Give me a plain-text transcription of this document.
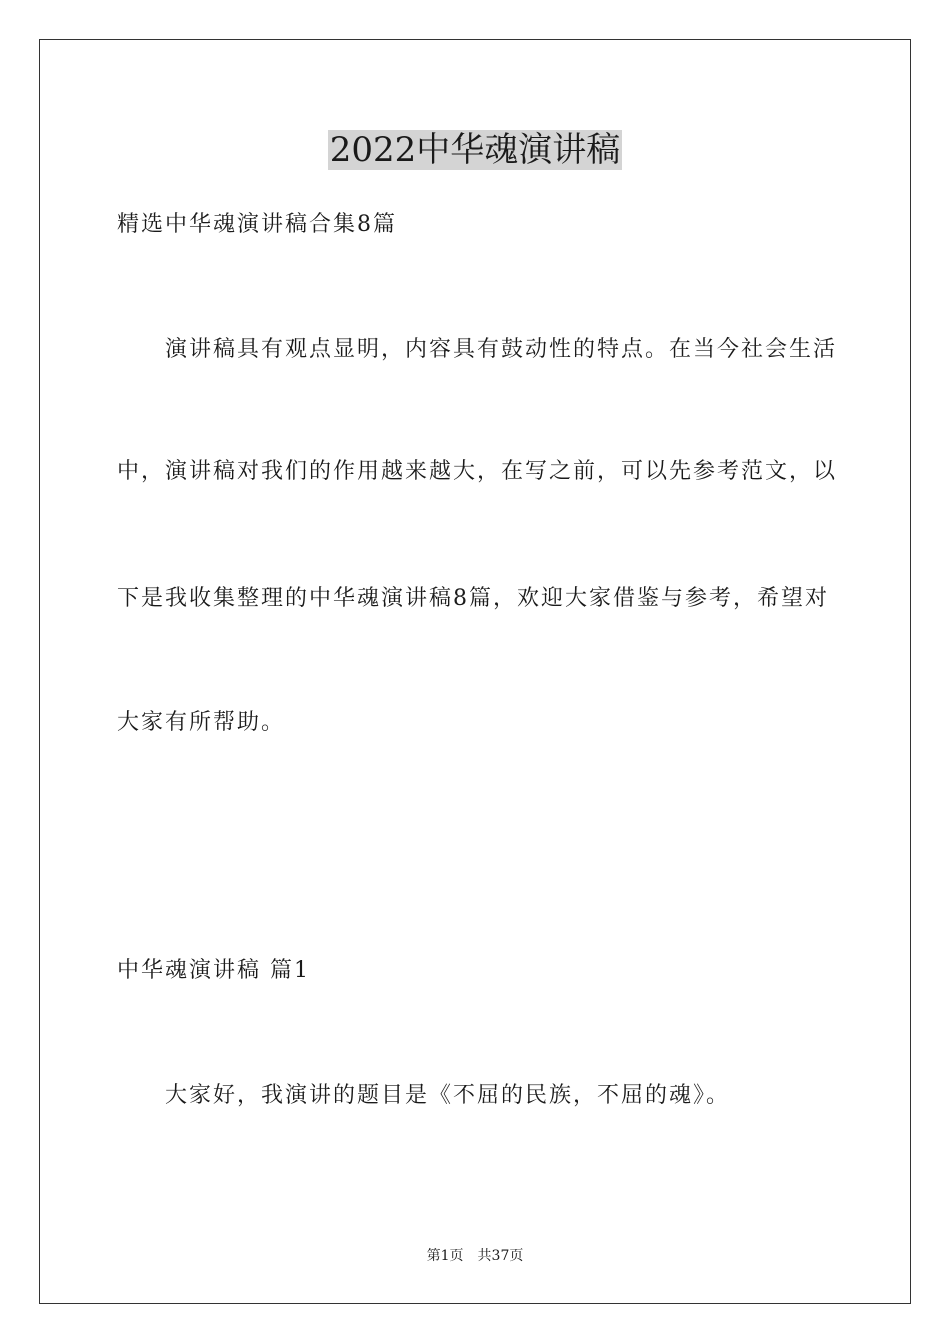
2022中华魂演讲稿
精选中华魂演讲稿合集8篇
演讲稿具有观点显明，内容具有鼓动性的特点。在当今社会生活
中，演讲稿对我们的作用越来越大，在写之前，可以先参考范文，以
下是我收集整理的中华魂演讲稿8篇，欢迎大家借鉴与参考，希望对
大家有所帮助。
中华魂演讲稿 篇1
大家好，我演讲的题目是《不屈的民族，不屈的魂》。
第1页　共37页
